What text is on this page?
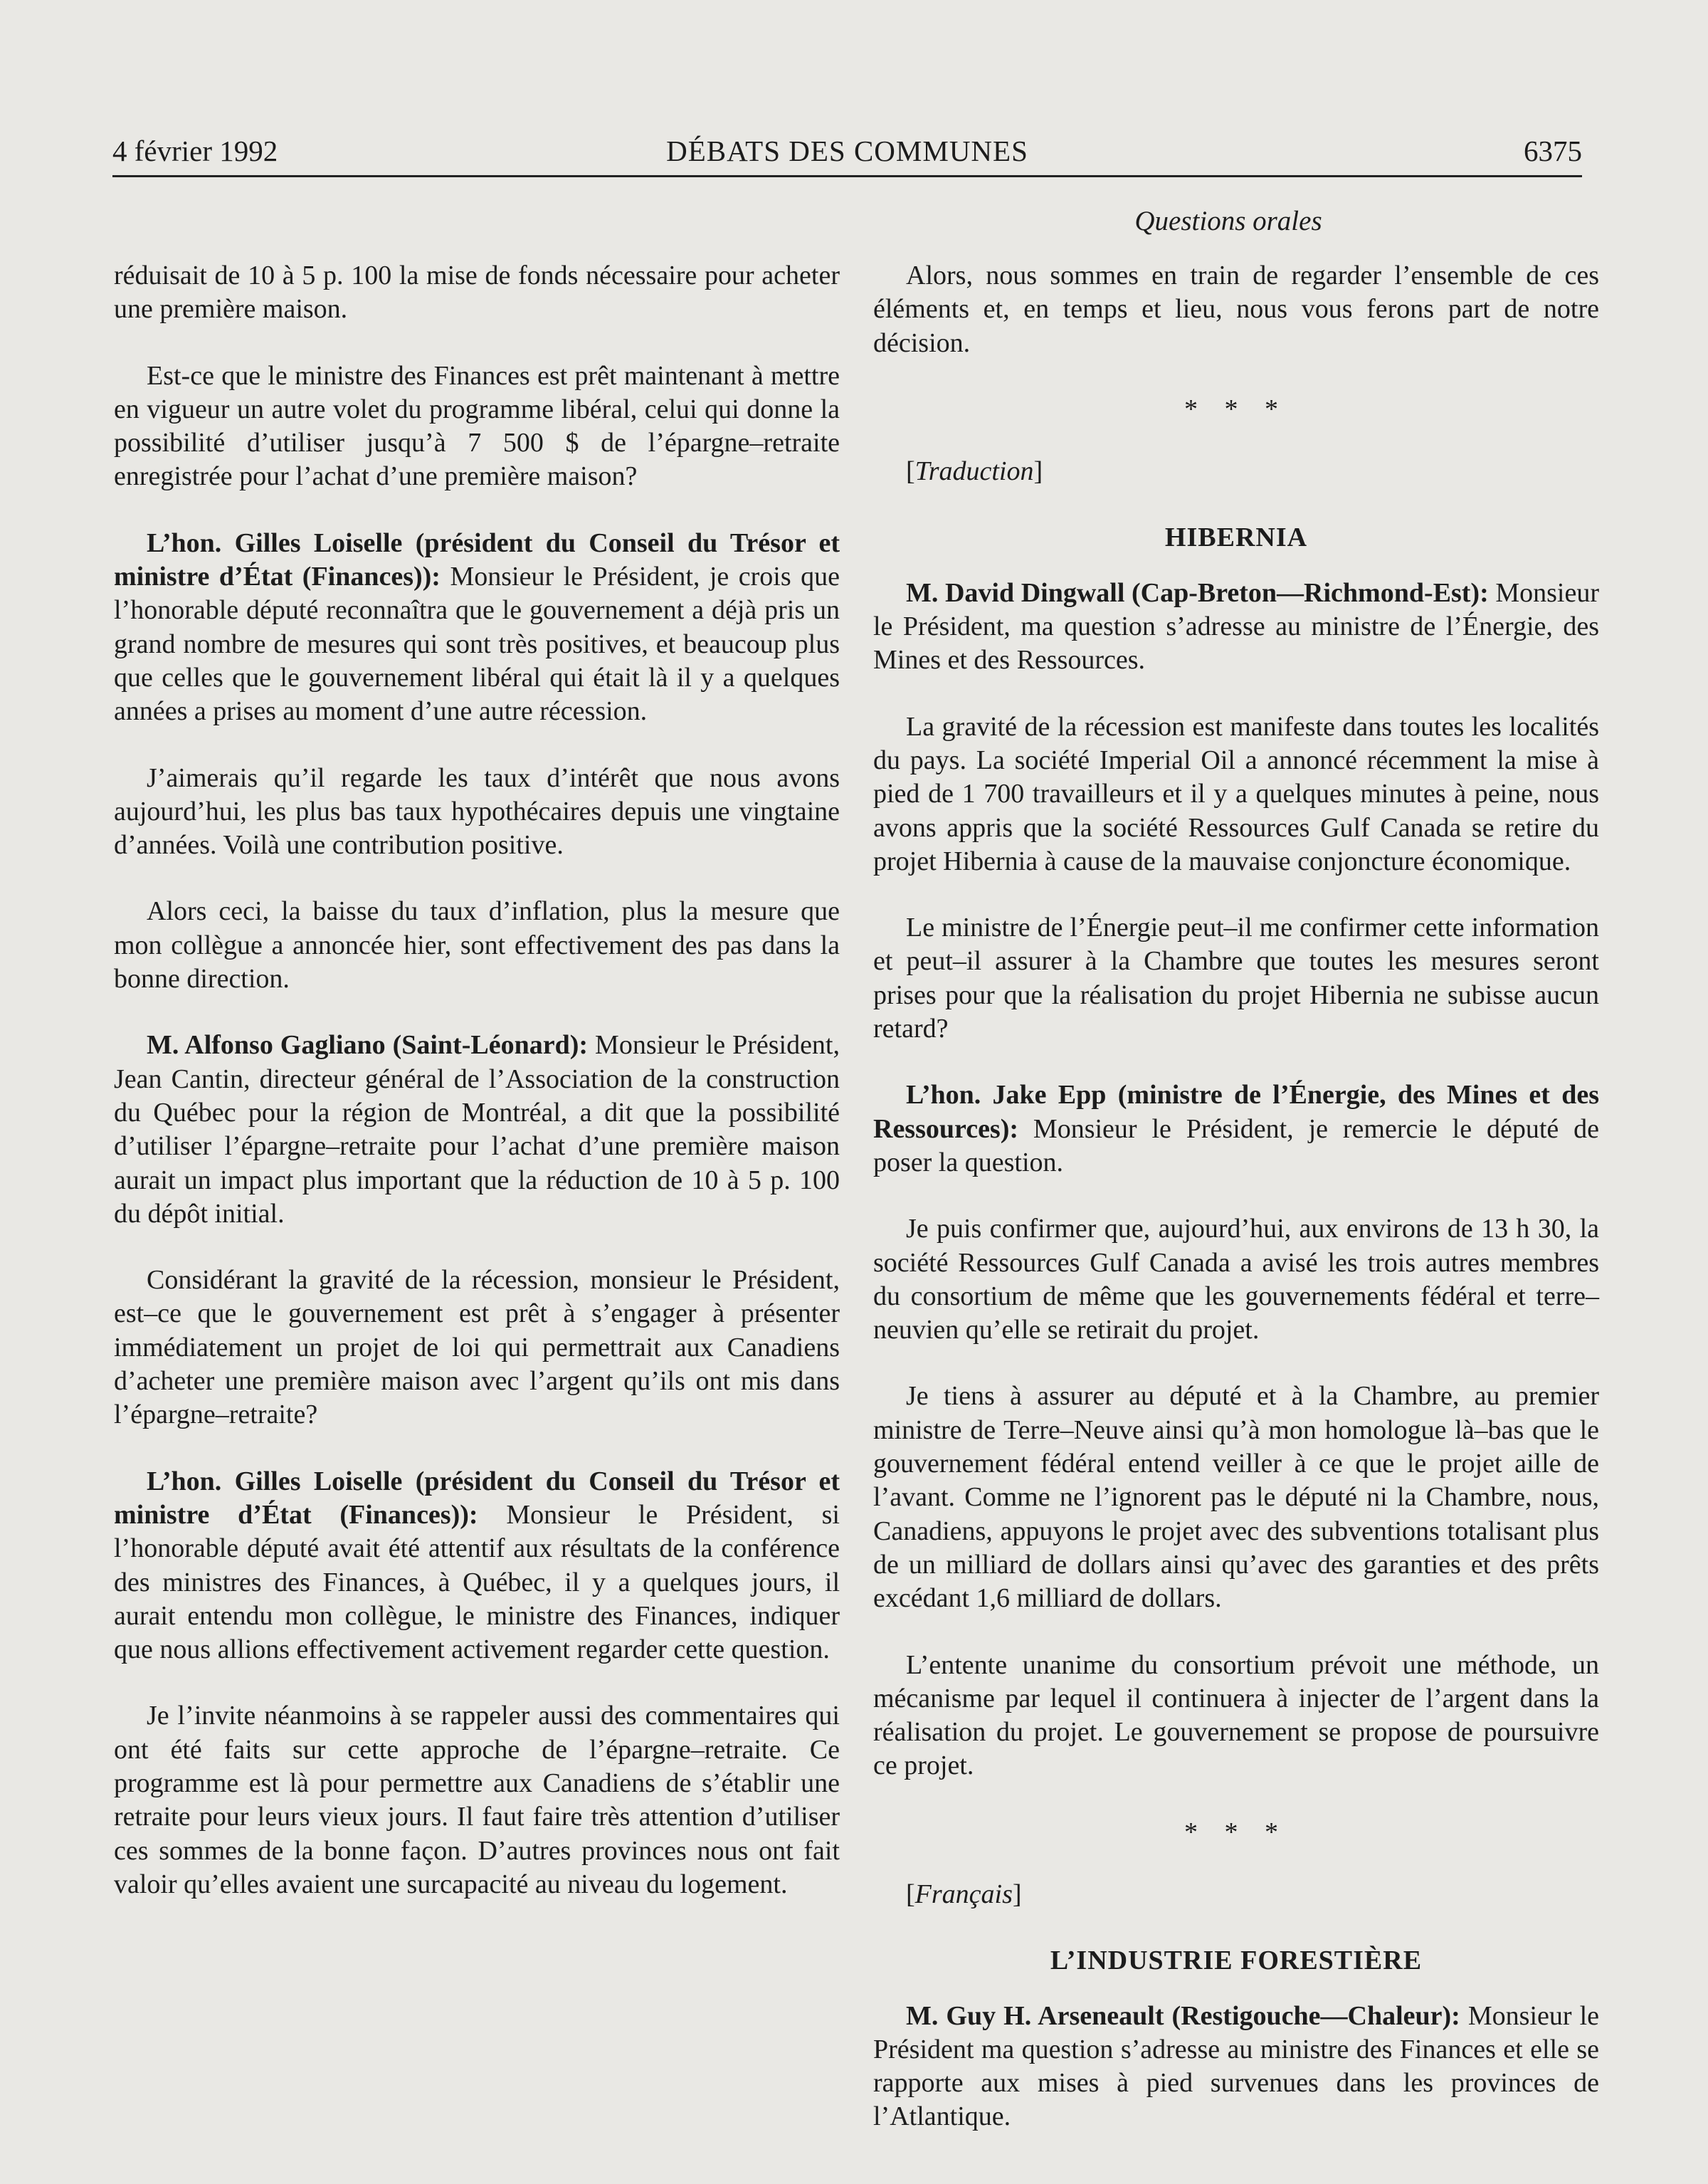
4 février 1992	DÉBATS DES COMMUNES	6375
Questions orales

réduisait de 10 à 5 p. 100 la mise de fonds nécessaire pour acheter une première maison.

Est-ce que le ministre des Finances est prêt maintenant à mettre en vigueur un autre volet du programme libéral, celui qui donne la possibilité d’utiliser jusqu’à 7 500 $ de l’épargne–retraite enregistrée pour l’achat d’une première maison?

L’hon. Gilles Loiselle (président du Conseil du Trésor et ministre d’État (Finances)): Monsieur le Président, je crois que l’honorable député reconnaîtra que le gouvernement a déjà pris un grand nombre de mesures qui sont très positives, et beaucoup plus que celles que le gouvernement libéral qui était là il y a quelques années a prises au moment d’une autre récession.

J’aimerais qu’il regarde les taux d’intérêt que nous avons aujourd’hui, les plus bas taux hypothécaires depuis une vingtaine d’années. Voilà une contribution positive.

Alors ceci, la baisse du taux d’inflation, plus la mesure que mon collègue a annoncée hier, sont effectivement des pas dans la bonne direction.

M. Alfonso Gagliano (Saint-Léonard): Monsieur le Président, Jean Cantin, directeur général de l’Association de la construction du Québec pour la région de Montréal, a dit que la possibilité d’utiliser l’épargne–retraite pour l’achat d’une première maison aurait un impact plus important que la réduction de 10 à 5 p. 100 du dépôt initial.

Considérant la gravité de la récession, monsieur le Président, est–ce que le gouvernement est prêt à s’engager à présenter immédiatement un projet de loi qui permettrait aux Canadiens d’acheter une première maison avec l’argent qu’ils ont mis dans l’épargne–retraite?

L’hon. Gilles Loiselle (président du Conseil du Trésor et ministre d’État (Finances)): Monsieur le Président, si l’honorable député avait été attentif aux résultats de la conférence des ministres des Finances, à Québec, il y a quelques jours, il aurait entendu mon collègue, le ministre des Finances, indiquer que nous allions effectivement activement regarder cette question.

Je l’invite néanmoins à se rappeler aussi des commentaires qui ont été faits sur cette approche de l’épargne–retraite. Ce programme est là pour permettre aux Canadiens de s’établir une retraite pour leurs vieux jours. Il faut faire très attention d’utiliser ces sommes de la bonne façon. D’autres provinces nous ont fait valoir qu’elles avaient une surcapacité au niveau du logement.

Alors, nous sommes en train de regarder l’ensemble de ces éléments et, en temps et lieu, nous vous ferons part de notre décision.

* * *

[Traduction]

HIBERNIA

M. David Dingwall (Cap-Breton—Richmond-Est): Monsieur le Président, ma question s’adresse au ministre de l’Énergie, des Mines et des Ressources.

La gravité de la récession est manifeste dans toutes les localités du pays. La société Imperial Oil a annoncé récemment la mise à pied de 1 700 travailleurs et il y a quelques minutes à peine, nous avons appris que la société Ressources Gulf Canada se retire du projet Hibernia à cause de la mauvaise conjoncture économique.

Le ministre de l’Énergie peut–il me confirmer cette information et peut–il assurer à la Chambre que toutes les mesures seront prises pour que la réalisation du projet Hibernia ne subisse aucun retard?

L’hon. Jake Epp (ministre de l’Énergie, des Mines et des Ressources): Monsieur le Président, je remercie le député de poser la question.

Je puis confirmer que, aujourd’hui, aux environs de 13 h 30, la société Ressources Gulf Canada a avisé les trois autres membres du consortium de même que les gouvernements fédéral et terre–neuvien qu’elle se retirait du projet.

Je tiens à assurer au député et à la Chambre, au premier ministre de Terre–Neuve ainsi qu’à mon homologue là–bas que le gouvernement fédéral entend veiller à ce que le projet aille de l’avant. Comme ne l’ignorent pas le député ni la Chambre, nous, Canadiens, appuyons le projet avec des subventions totalisant plus de un milliard de dollars ainsi qu’avec des garanties et des prêts excédant 1,6 milliard de dollars.

L’entente unanime du consortium prévoit une méthode, un mécanisme par lequel il continuera à injecter de l’argent dans la réalisation du projet. Le gouvernement se propose de poursuivre ce projet.

* * *

[Français]

L’INDUSTRIE FORESTIÈRE

M. Guy H. Arseneault (Restigouche—Chaleur): Monsieur le Président ma question s’adresse au ministre des Finances et elle se rapporte aux mises à pied survenues dans les provinces de l’Atlantique.
